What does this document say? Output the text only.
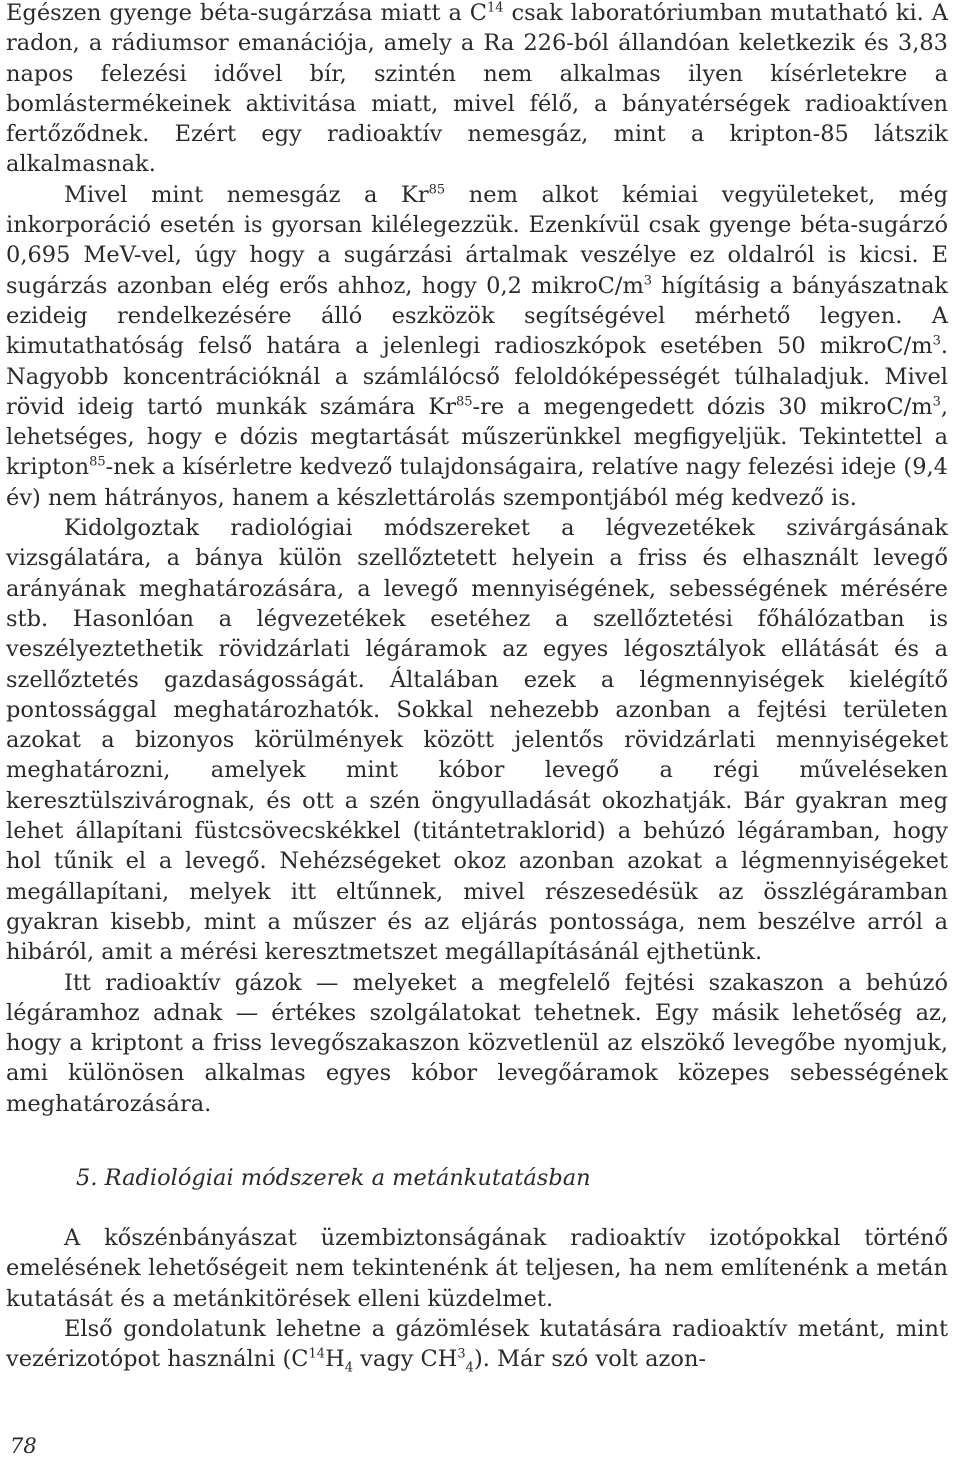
Egészen gyenge béta-sugárzása miatt a $C^{14}$ csak laboratóriumban mutatható ki. A radon, a rádiumsor emanációja, amely a Ra 226-ból állandóan keletkezik és 3,83 napos felezési idővel bír, szintén nem alkalmas ilyen kísérletekre a bomlástermékeinek aktivitása miatt, mivel félő, a bányatérségek radioaktíven fertőződnek. Ezért egy radioaktív nemesgáz, mint a kripton-85 látszik alkalmasnak.

Mivel mint nemesgáz a Kr$^{85}$ nem alkot kémiai vegyületeket, még inkorporáció esetén is gyorsan kilélegezzük. Ezenkívül csak gyenge béta-sugárzó 0,695 MeV-vel, úgy hogy a sugárzási ártalmak veszélye ez oldalról is kicsi. E sugárzás azonban elég erős ahhoz, hogy 0,2 mikroC/$m^3$ hígításig a bányászatnak ezideig rendelkezésére álló eszközök segítségével mérhető legyen. A kimutathatóság felső határa a jelenlegi radioszkópok esetében 50 mikroC/$m^3$. Nagyobb koncentrációknál a számlálócső feloldóképességét túlhaladjuk. Mivel rövid ideig tartó munkák számára Kr$^{85}$-re a megengedett dózis 30 mikroC/$m^3$, lehetséges, hogy e dózis megtartását műszerünkkel megfigyeljük. Tekintettel a kripton$^{85}$-nek a kísérletre kedvező tulajdonságaira, relatíve nagy felezési ideje (9,4 év) nem hátrányos, hanem a készlettárolás szempontjából még kedvező is.

Kidolgoztak radiológiai módszereket a légvezetékek szivárgásának vizsgálatára, a bánya külön szellőztetett helyein a friss és elhasznált levegő arányának meghatározására, a levegő mennyiségének, sebességének mérésére stb. Hasonlóan a légvezetékek esetéhez a szellőztetési főhálózatban is veszélyeztethetik rövidzárlati légáramok az egyes légosztályok ellátását és a szellőztetés gazdaságosságát. Általában ezek a légmennyiségek kielégítő pontossággal meghatározhatók. Sokkal nehezebb azonban a fejtési területen azokat a bizonyos körülmények között jelentős rövidzárlati mennyiségeket meghatározni, amelyek mint kóbor levegő a régi műveléseken keresztülszivárognak, és ott a szén öngyulladását okozhatják. Bár gyakran meg lehet állapítani füstcsövecskékkel (titántetraklorid) a behúzó légáramban, hogy hol tűnik el a levegő. Nehézségeket okoz azonban azokat a légmennyiségeket megállapítani, melyek itt eltűnnek, mivel részesedésük az összlégáramban gyakran kisebb, mint a műszer és az eljárás pontossága, nem beszélve arról a hibáról, amit a mérési keresztmetszet megállapításánál ejthetünk.

Itt radioaktív gázok — melyeket a megfelelő fejtési szakaszon a behúzó légáramhoz adnak — értékes szolgálatokat tehetnek. Egy másik lehetőség az, hogy a kriptont a friss levegőszakaszon közvetlenül az elszökő levegőbe nyomjuk, ami különösen alkalmas egyes kóbor levegőáramok közepes sebességének meghatározására.

5. Radiológiai módszerek a metánkutatásban

A kőszénbányászat üzembiztonságának radioaktív izotópokkal történő emelésének lehetőségeit nem tekintenénk át teljesen, ha nem említenénk a metán kutatását és a metánkitörések elleni küzdelmet.

Első gondolatunk lehetne a gázömlések kutatására radioaktív metánt, mint vezérizotópot használni ($C^{14}H_4$ vagy $CH^3_4$). Már szó volt azon-

78
